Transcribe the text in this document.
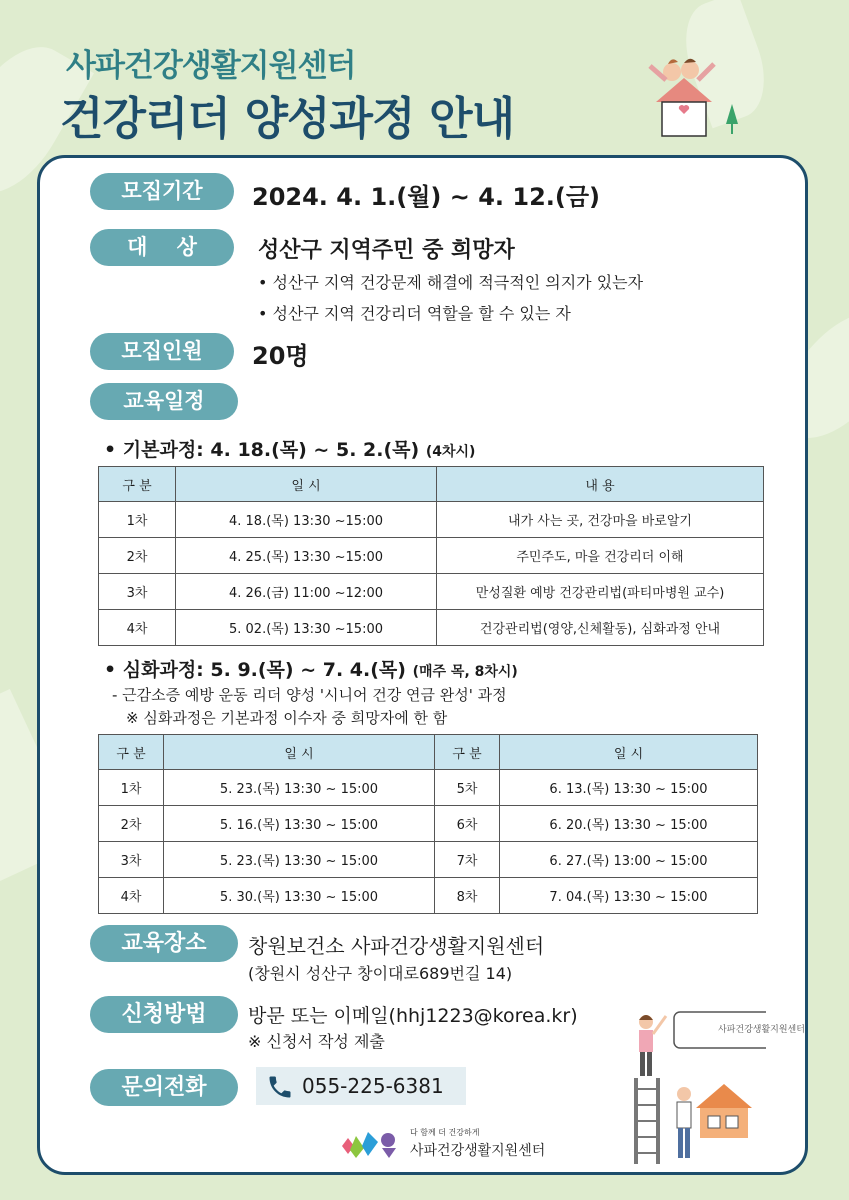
사파건강생활지원센터
건강리더 양성과정 안내
모집기간	2024. 4. 1.(월) ~ 4. 12.(금)
대    상	성산구 지역주민 중 희망자
• 성산구 지역 건강문제 해결에 적극적인 의지가 있는자
• 성산구 지역 건강리더 역할을 할 수 있는 자
모집인원	20명
교육일정
• 기본과정: 4. 18.(목) ~ 5. 2.(목) (4차시)
구 분	일 시	내 용
1차	4. 18.(목) 13:30 ~15:00	내가 사는 곳, 건강마을 바로알기
2차	4. 25.(목) 13:30 ~15:00	주민주도, 마을 건강리더 이해
3차	4. 26.(금) 11:00 ~12:00	만성질환 예방 건강관리법(파티마병원 교수)
4차	5. 02.(목) 13:30 ~15:00	건강관리법(영양,신체활동), 심화과정 안내
• 심화과정: 5. 9.(목) ~ 7. 4.(목) (매주 목, 8차시)
- 근감소증 예방 운동 리더 양성 '시니어 건강 연금 완성' 과정
※ 심화과정은 기본과정 이수자 중 희망자에 한 함
구 분	일 시	구 분	일 시
1차	5. 23.(목) 13:30 ~ 15:00	5차	6. 13.(목) 13:30 ~ 15:00
2차	5. 16.(목) 13:30 ~ 15:00	6차	6. 20.(목) 13:30 ~ 15:00
3차	5. 23.(목) 13:30 ~ 15:00	7차	6. 27.(목) 13:00 ~ 15:00
4차	5. 30.(목) 13:30 ~ 15:00	8차	7. 04.(목) 13:30 ~ 15:00
교육장소	창원보건소 사파건강생활지원센터
(창원시 성산구 창이대로689번길 14)
신청방법	방문 또는 이메일(hhj1223@korea.kr)
※ 신청서 작성 제출
문의전화	055-225-6381
다 함께 더 건강하게
사파건강생활지원센터
사파건강생활지원센터
